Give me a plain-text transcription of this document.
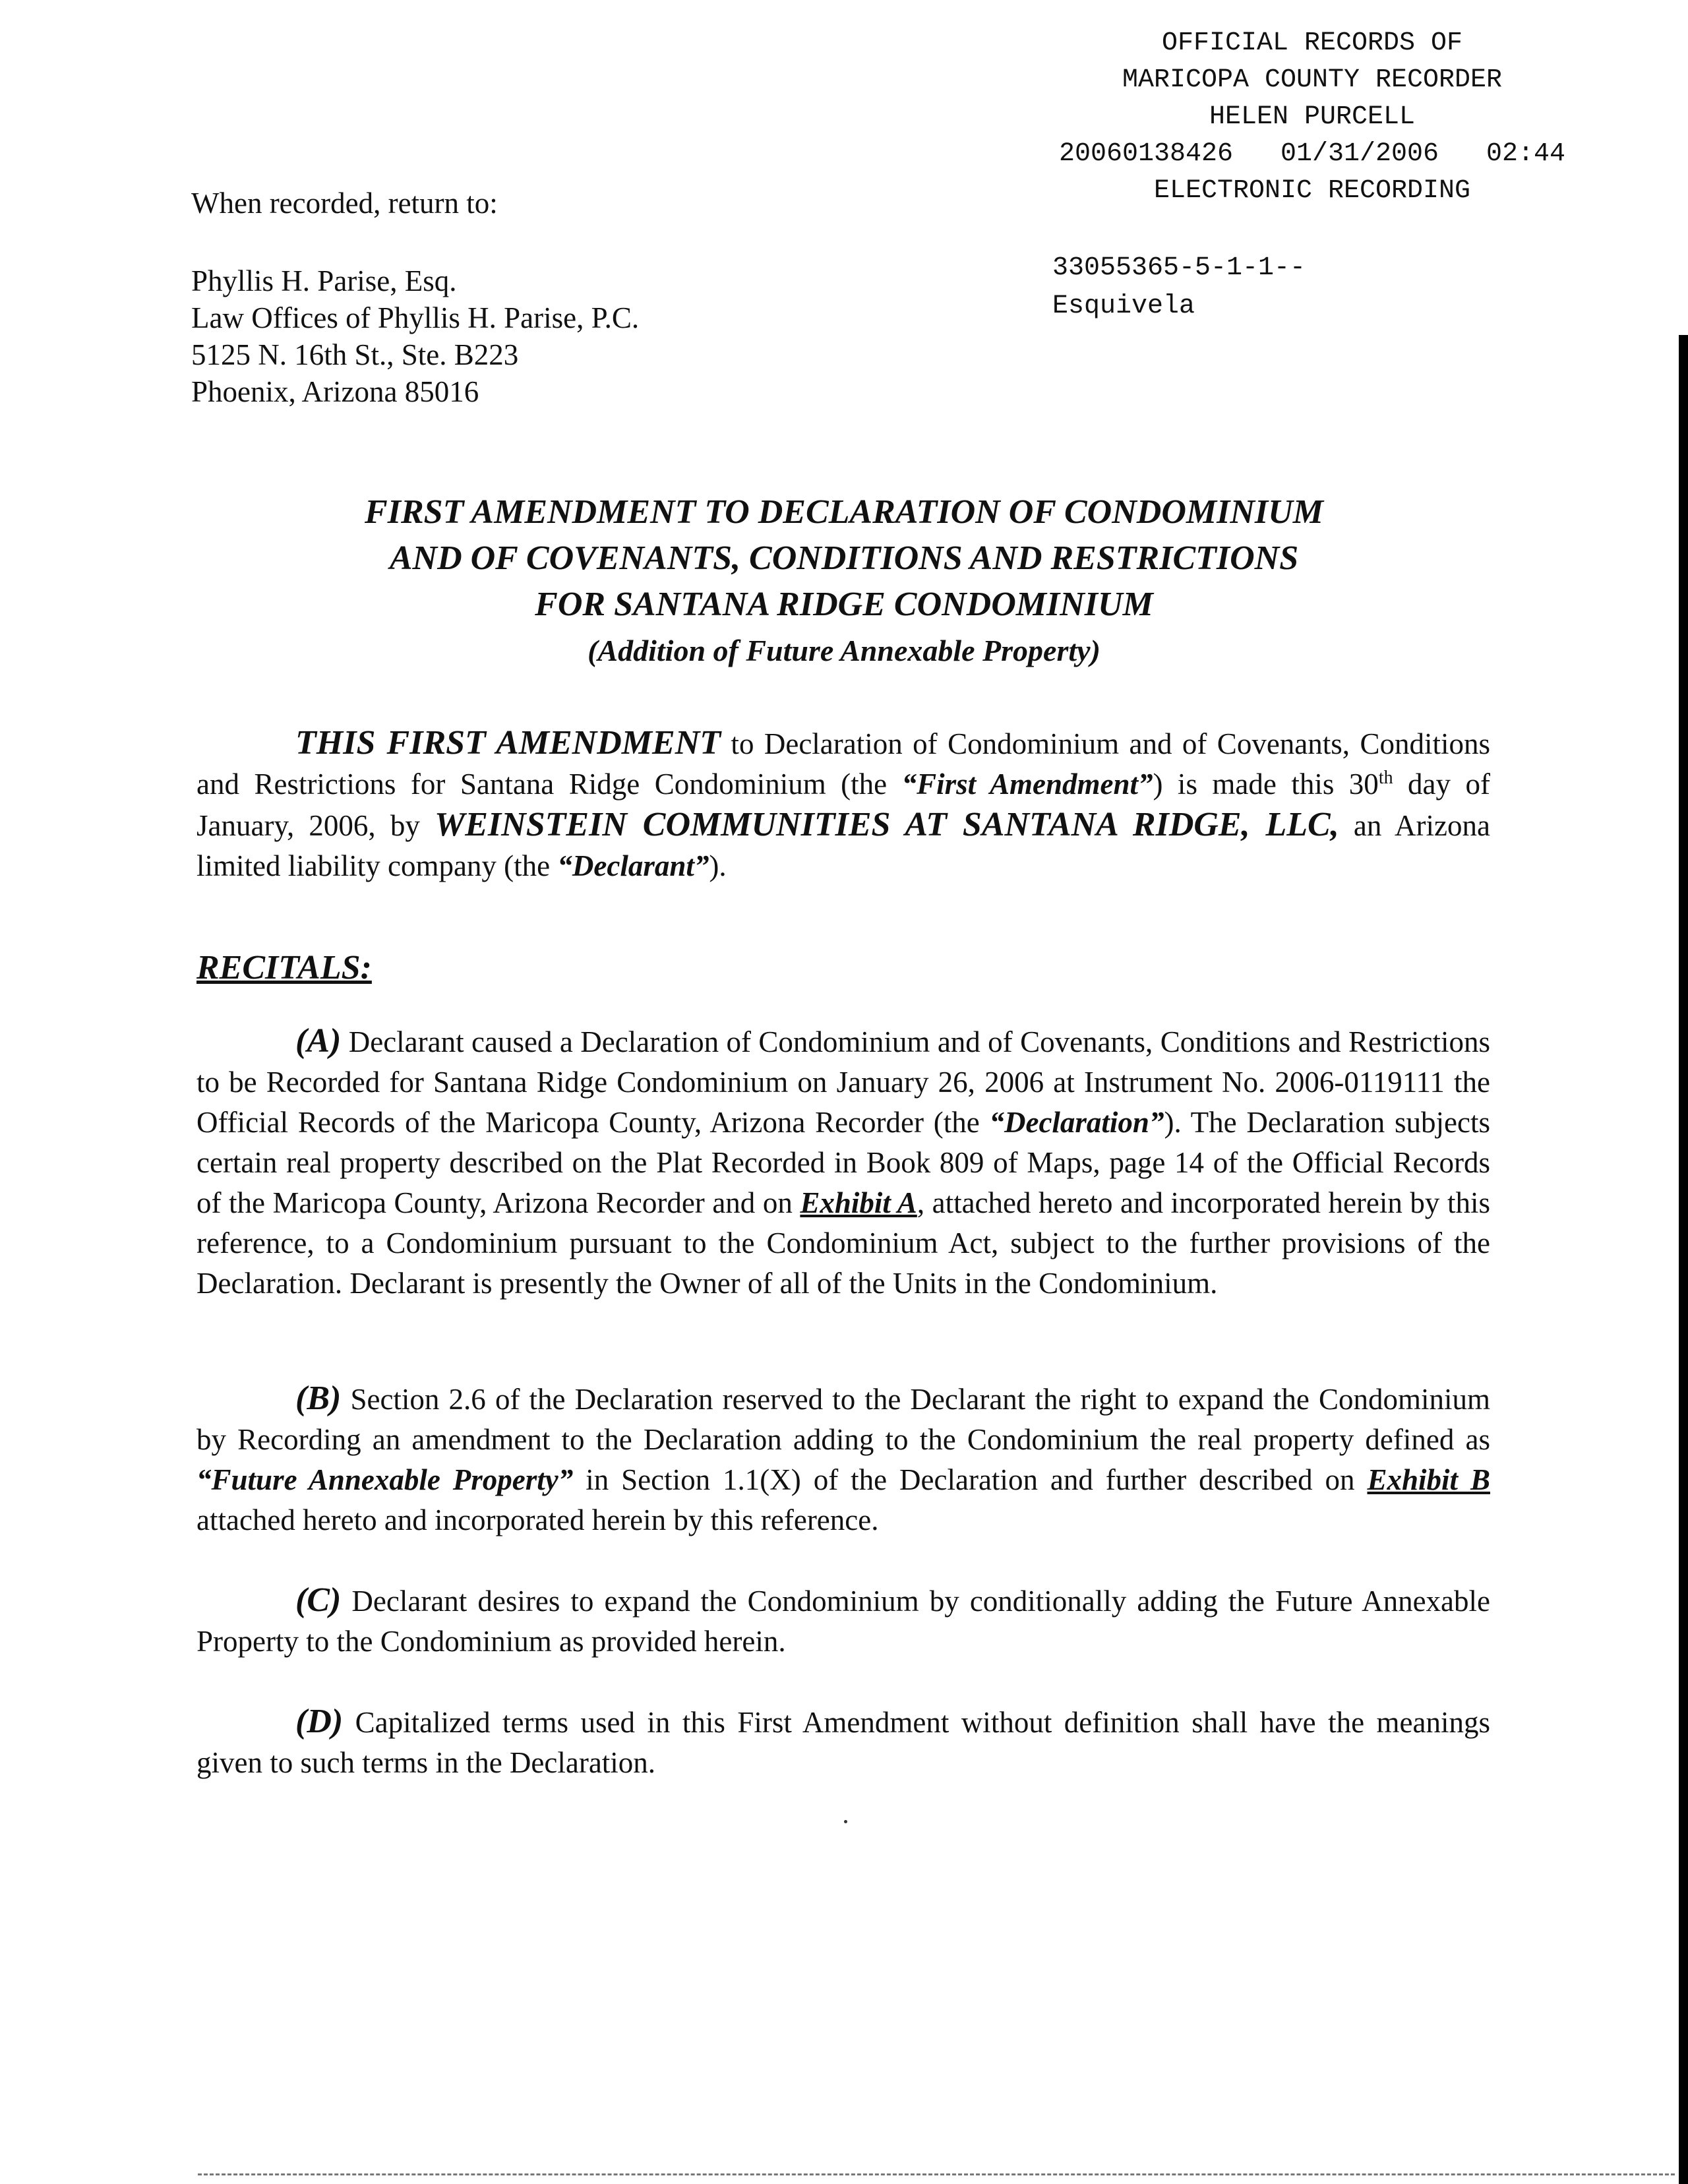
OFFICIAL RECORDS OF
MARICOPA COUNTY RECORDER
HELEN PURCELL
20060138426   01/31/2006   02:44
ELECTRONIC RECORDING
33055365-5-1-1--
Esquivela
When recorded, return to:
Phyllis H. Parise, Esq.
Law Offices of Phyllis H. Parise, P.C.
5125 N. 16th St., Ste. B223
Phoenix, Arizona 85016
FIRST AMENDMENT TO DECLARATION OF CONDOMINIUM
AND OF COVENANTS, CONDITIONS AND RESTRICTIONS
FOR SANTANA RIDGE CONDOMINIUM
(Addition of Future Annexable Property)

THIS FIRST AMENDMENT to Declaration of Condominium and of Covenants, Conditions and Restrictions for Santana Ridge Condominium (the “First Amendment”) is made this 30th day of January, 2006, by WEINSTEIN COMMUNITIES AT SANTANA RIDGE, LLC, an Arizona limited liability company (the “Declarant”).

RECITALS:

(A) Declarant caused a Declaration of Condominium and of Covenants, Conditions and Restrictions to be Recorded for Santana Ridge Condominium on January 26, 2006 at Instrument No. 2006-0119111 the Official Records of the Maricopa County, Arizona Recorder (the “Declaration”). The Declaration subjects certain real property described on the Plat Recorded in Book 809 of Maps, page 14 of the Official Records of the Maricopa County, Arizona Recorder and on Exhibit A, attached hereto and incorporated herein by this reference, to a Condominium pursuant to the Condominium Act, subject to the further provisions of the Declaration. Declarant is presently the Owner of all of the Units in the Condominium.

(B) Section 2.6 of the Declaration reserved to the Declarant the right to expand the Condominium by Recording an amendment to the Declaration adding to the Condominium the real property defined as “Future Annexable Property” in Section 1.1(X) of the Declaration and further described on Exhibit B attached hereto and incorporated herein by this reference.

(C) Declarant desires to expand the Condominium by conditionally adding the Future Annexable Property to the Condominium as provided herein.

(D) Capitalized terms used in this First Amendment without definition shall have the meanings given to such terms in the Declaration.
